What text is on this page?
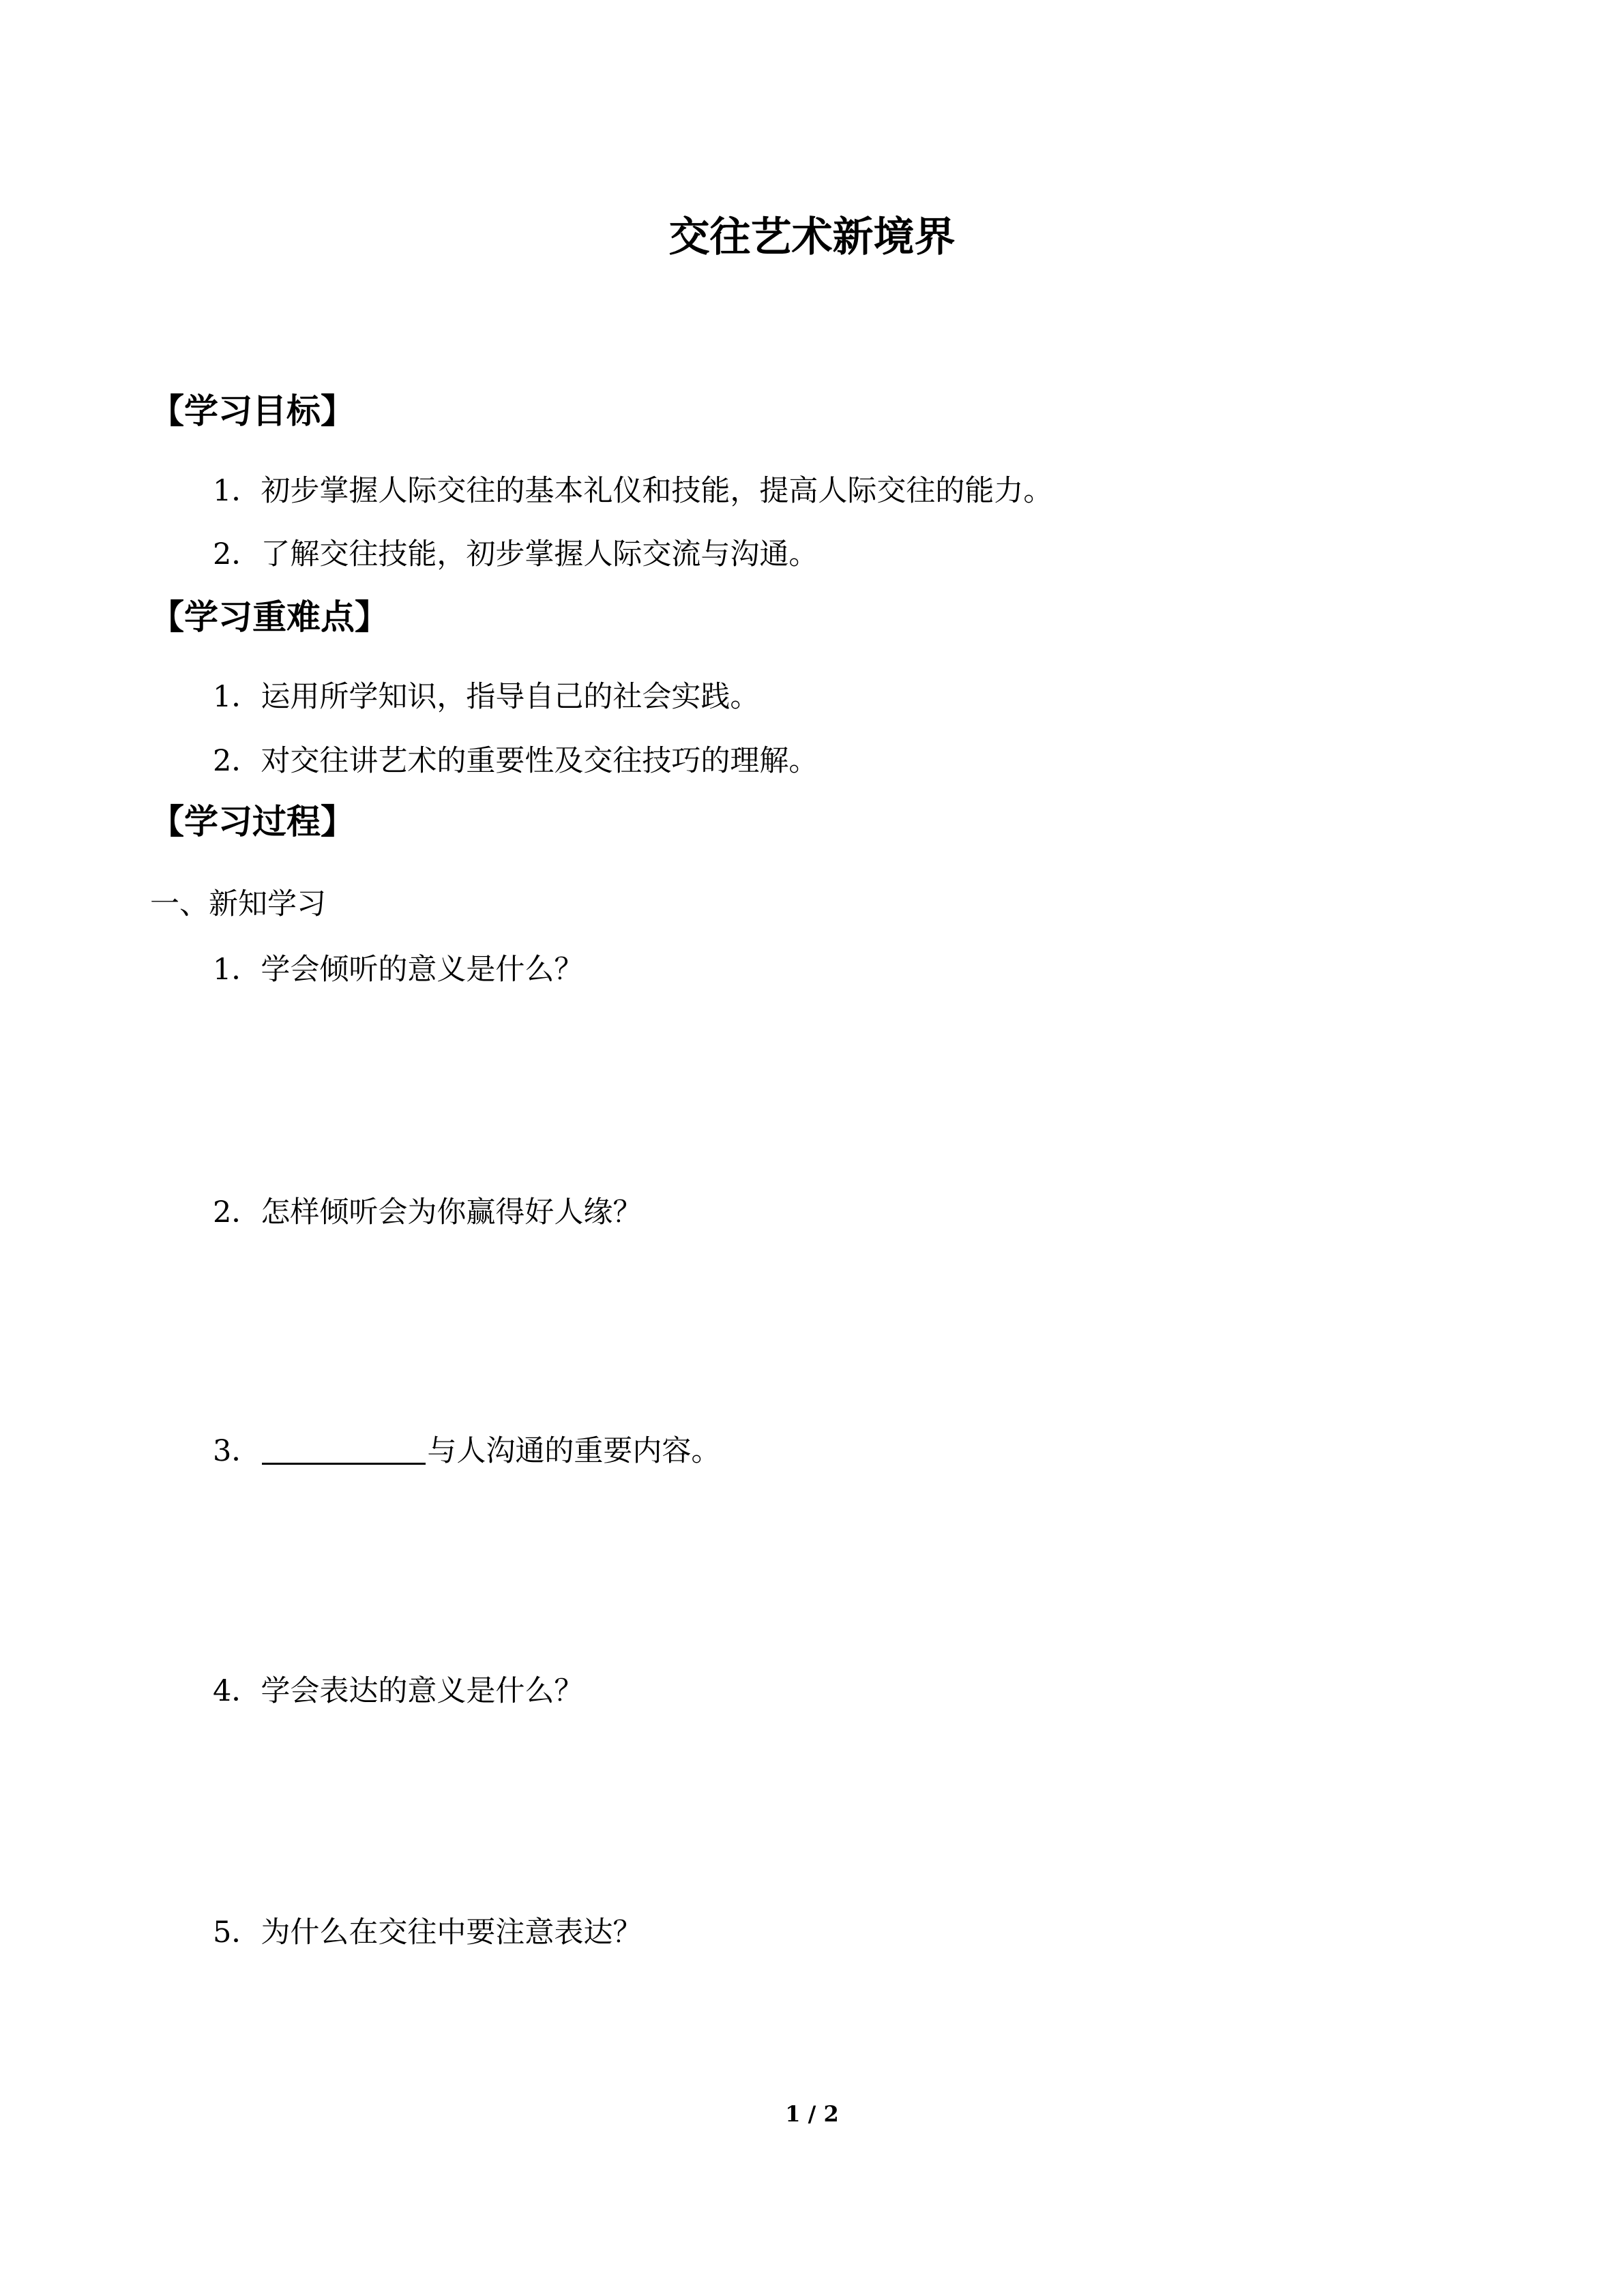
交往艺术新境界
【学习目标】

1．初步掌握人际交往的基本礼仪和技能，提高人际交往的能力。

2．了解交往技能，初步掌握人际交流与沟通。

【学习重难点】

1．运用所学知识，指导自己的社会实践。

2．对交往讲艺术的重要性及交往技巧的理解。

【学习过程】

一、新知学习

1．学会倾听的意义是什么？

2．怎样倾听会为你赢得好人缘？

3．	与人沟通的重要内容。

4．学会表达的意义是什么？

5．为什么在交往中要注意表达？

1 / 2
